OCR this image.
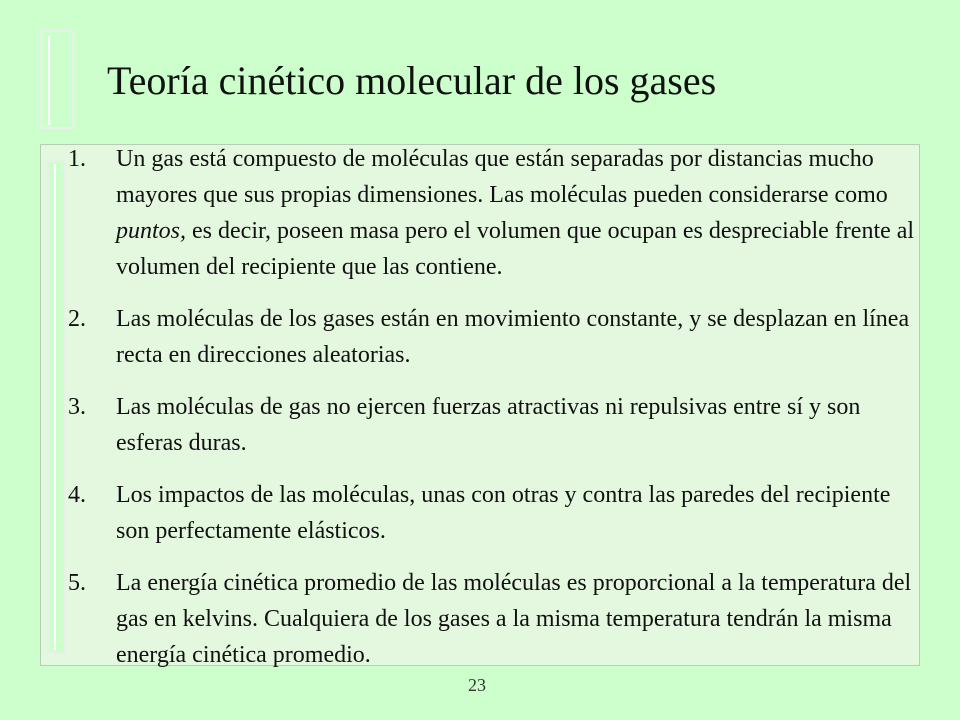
Teoría cinético molecular de los gases
23
1. Un gas está compuesto de moléculas que están separadas por distancias mucho mayores que sus propias dimensiones. Las moléculas pueden considerarse como puntos, es decir, poseen masa pero el volumen que ocupan es despreciable frente al volumen del recipiente que las contiene.
2. Las moléculas de los gases están en movimiento constante, y se desplazan en línea recta en direcciones aleatorias.
3. Las moléculas de gas no ejercen fuerzas atractivas ni repulsivas entre sí y son esferas duras.
4. Los impactos de las moléculas, unas con otras y contra las paredes del recipiente son perfectamente elásticos.
5. La energía cinética promedio de las moléculas es proporcional a la temperatura del gas en kelvins. Cualquiera de los gases a la misma temperatura tendrán la misma energía cinética promedio.
